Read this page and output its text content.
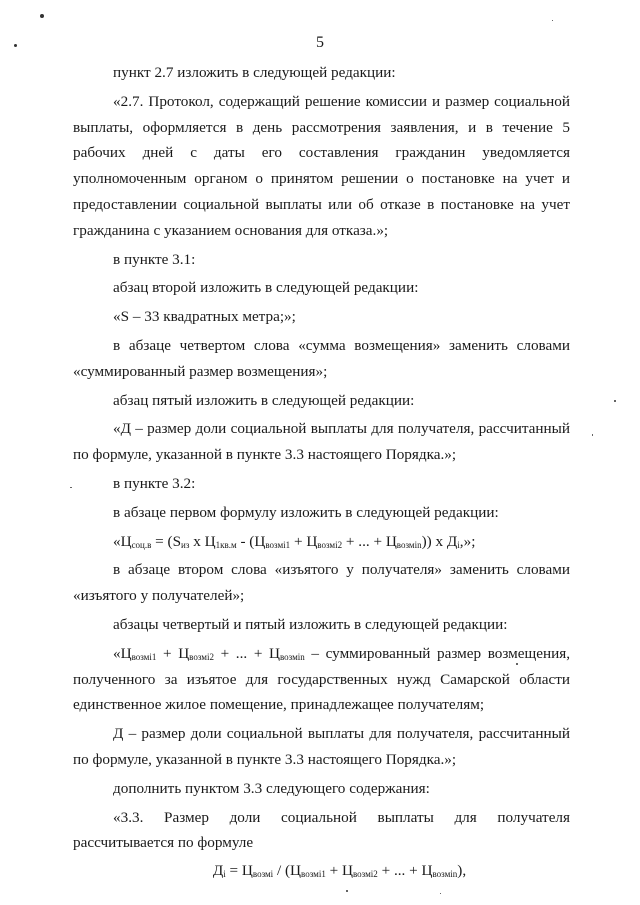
5

пункт 2.7 изложить в следующей редакции:

«2.7. Протокол, содержащий решение комиссии и размер социальной выплаты, оформляется в день рассмотрения заявления, и в течение 5 рабочих дней с даты его составления гражданин уведомляется уполномоченным органом о принятом решении о постановке на учет и предоставлении социальной выплаты или об отказе в постановке на учет гражданина с указанием основания для отказа.»;

в пункте 3.1:

абзац второй изложить в следующей редакции:

«S – 33 квадратных метра;»;

в абзаце четвертом слова «сумма возмещения» заменить словами «суммированный размер возмещения»;

абзац пятый изложить в следующей редакции:

«Д – размер доли социальной выплаты для получателя, рассчитанный по формуле, указанной в пункте 3.3 настоящего Порядка.»;

в пункте 3.2:

в абзаце первом формулу изложить в следующей редакции:

«$Ц_{соц.в} = (S_{из}$ х $Ц_{1кв.м} - (Ц_{возмi1} + Ц_{возмi2}$ + ... + $Ц_{возмin}$)) х $Д_i$,»;

в абзаце втором слова «изъятого у получателя» заменить словами «изъятого у получателей»;

абзацы четвертый и пятый изложить в следующей редакции:

«$Ц_{возмi1} + Ц_{возмi2}$ + ... + $Ц_{возмin}$ – суммированный размер возмещения, полученного за изъятое для государственных нужд Самарской области единственное жилое помещение, принадлежащее получателям;

Д – размер доли социальной выплаты для получателя, рассчитанный по формуле, указанной в пункте 3.3 настоящего Порядка.»;

дополнить пунктом 3.3 следующего содержания:

«3.3. Размер доли социальной выплаты для получателя рассчитывается по формуле

$Д_i = Ц_{возмi} / (Ц_{возмi1} + Ц_{возмi2}$ + ... + $Ц_{возмin}$),
